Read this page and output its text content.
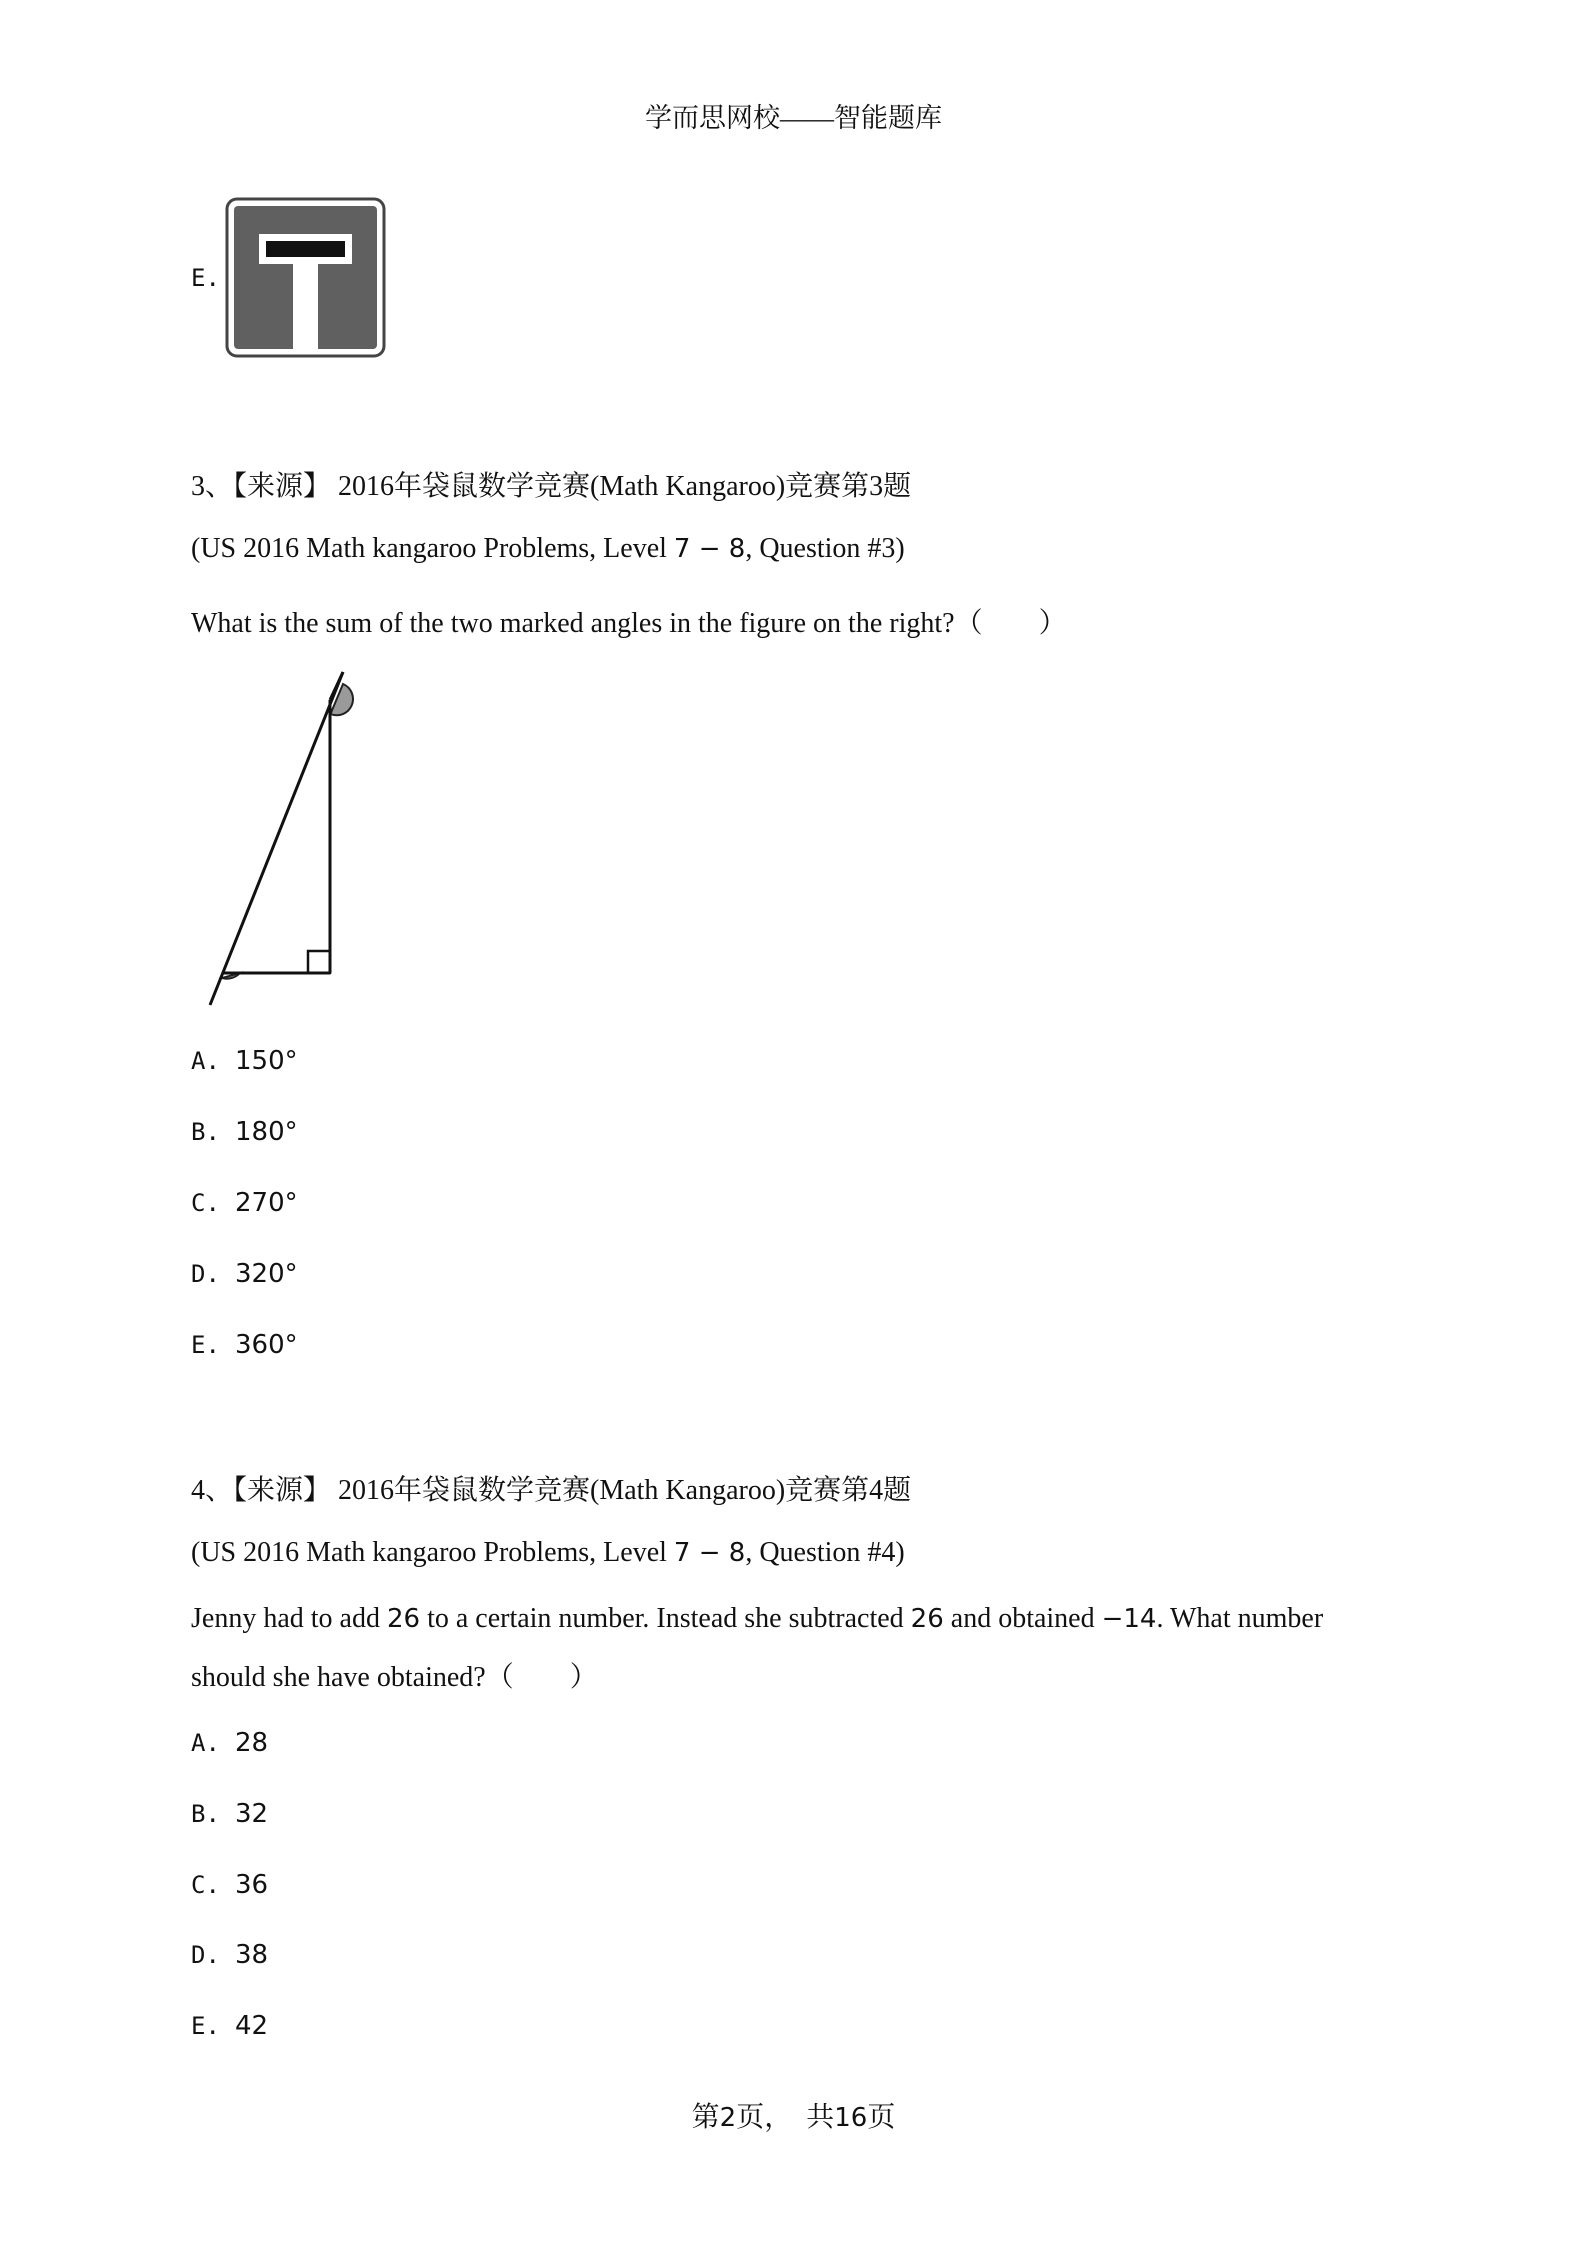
学而思网校——智能题库
E.
3、【来源】 2016年袋鼠数学竞赛(Math Kangaroo)竞赛第3题
(US 2016 Math kangaroo Problems, Level 7 − 8, Question #3)
What is the sum of the two marked angles in the figure on the right?（　　）
A. 150°
B. 180°
C. 270°
D. 320°
E. 360°
4、【来源】 2016年袋鼠数学竞赛(Math Kangaroo)竞赛第4题
(US 2016 Math kangaroo Problems, Level 7 − 8, Question #4)
Jenny had to add 26 to a certain number. Instead she subtracted 26 and obtained −14. What number
should she have obtained?（　　）
A. 28
B. 32
C. 36
D. 38
E. 42
第2页，　共16页
